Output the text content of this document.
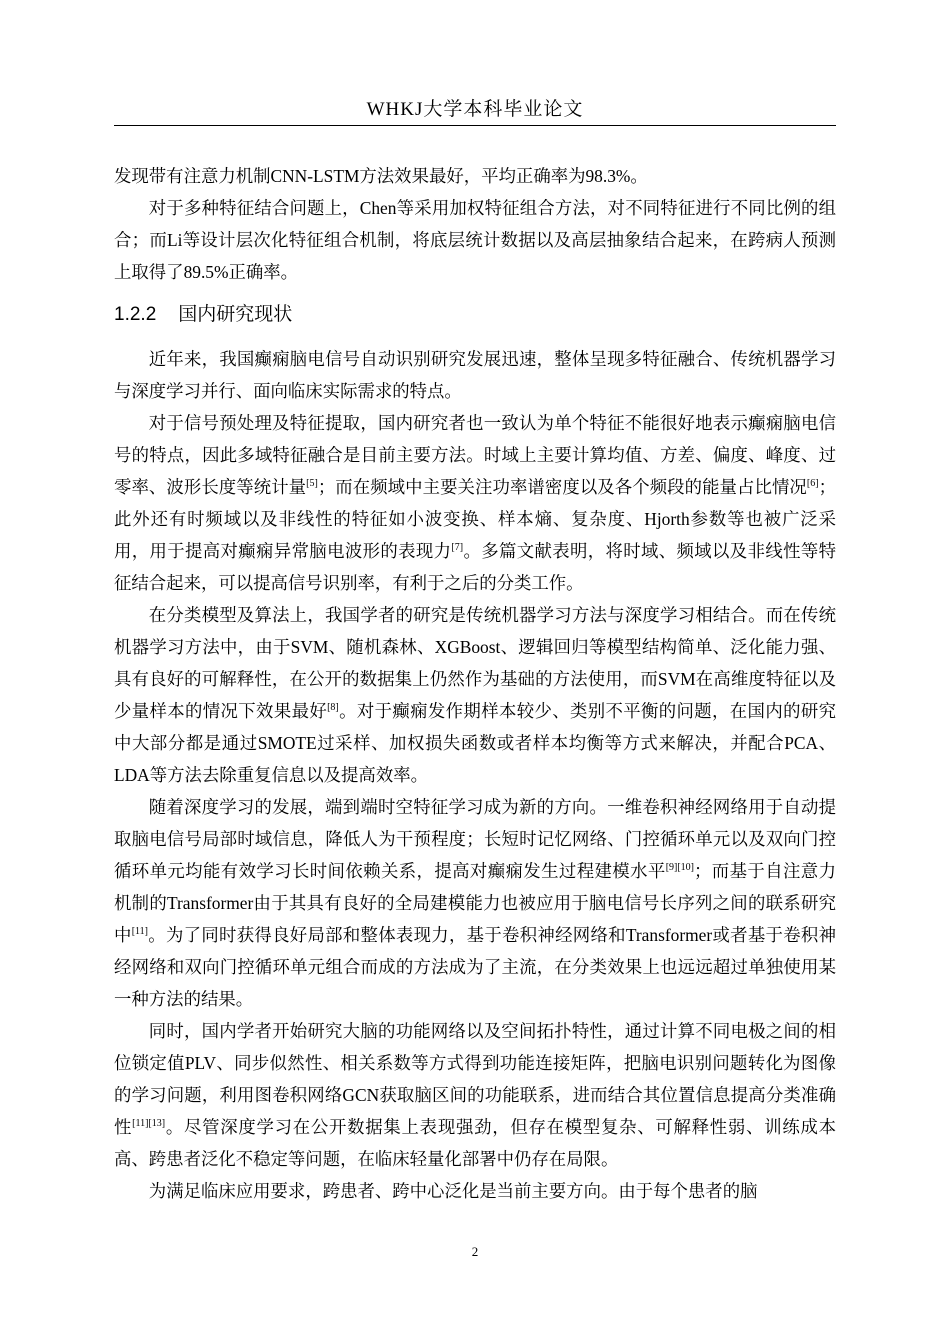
WHKJ大学本科毕业论文

发现带有注意力机制CNN-LSTM方法效果最好，平均正确率为98.3%。

对于多种特征结合问题上，Chen等采用加权特征组合方法，对不同特征进行不同比例的组合；而Li等设计层次化特征组合机制，将底层统计数据以及高层抽象结合起来，在跨病人预测上取得了89.5%正确率。

1.2.2 国内研究现状

近年来，我国癫痫脑电信号自动识别研究发展迅速，整体呈现多特征融合、传统机器学习与深度学习并行、面向临床实际需求的特点。

对于信号预处理及特征提取，国内研究者也一致认为单个特征不能很好地表示癫痫脑电信号的特点，因此多域特征融合是目前主要方法。时域上主要计算均值、方差、偏度、峰度、过零率、波形长度等统计量[5]；而在频域中主要关注功率谱密度以及各个频段的能量占比情况[6]；此外还有时频域以及非线性的特征如小波变换、样本熵、复杂度、Hjorth参数等也被广泛采用，用于提高对癫痫异常脑电波形的表现力[7]。多篇文献表明，将时域、频域以及非线性等特征结合起来，可以提高信号识别率，有利于之后的分类工作。

在分类模型及算法上，我国学者的研究是传统机器学习方法与深度学习相结合。而在传统机器学习方法中，由于SVM、随机森林、XGBoost、逻辑回归等模型结构简单、泛化能力强、具有良好的可解释性，在公开的数据集上仍然作为基础的方法使用，而SVM在高维度特征以及少量样本的情况下效果最好[8]。对于癫痫发作期样本较少、类别不平衡的问题，在国内的研究中大部分都是通过SMOTE过采样、加权损失函数或者样本均衡等方式来解决，并配合PCA、LDA等方法去除重复信息以及提高效率。

随着深度学习的发展，端到端时空特征学习成为新的方向。一维卷积神经网络用于自动提取脑电信号局部时域信息，降低人为干预程度；长短时记忆网络、门控循环单元以及双向门控循环单元均能有效学习长时间依赖关系，提高对癫痫发生过程建模水平[9][10]；而基于自注意力机制的Transformer由于其具有良好的全局建模能力也被应用于脑电信号长序列之间的联系研究中[11]。为了同时获得良好局部和整体表现力，基于卷积神经网络和Transformer或者基于卷积神经网络和双向门控循环单元组合而成的方法成为了主流，在分类效果上也远远超过单独使用某一种方法的结果。

同时，国内学者开始研究大脑的功能网络以及空间拓扑特性，通过计算不同电极之间的相位锁定值PLV、同步似然性、相关系数等方式得到功能连接矩阵，把脑电识别问题转化为图像的学习问题，利用图卷积网络GCN获取脑区间的功能联系，进而结合其位置信息提高分类准确性[11][13]。尽管深度学习在公开数据集上表现强劲，但存在模型复杂、可解释性弱、训练成本高、跨患者泛化不稳定等问题，在临床轻量化部署中仍存在局限。

为满足临床应用要求，跨患者、跨中心泛化是当前主要方向。由于每个患者的脑

2
